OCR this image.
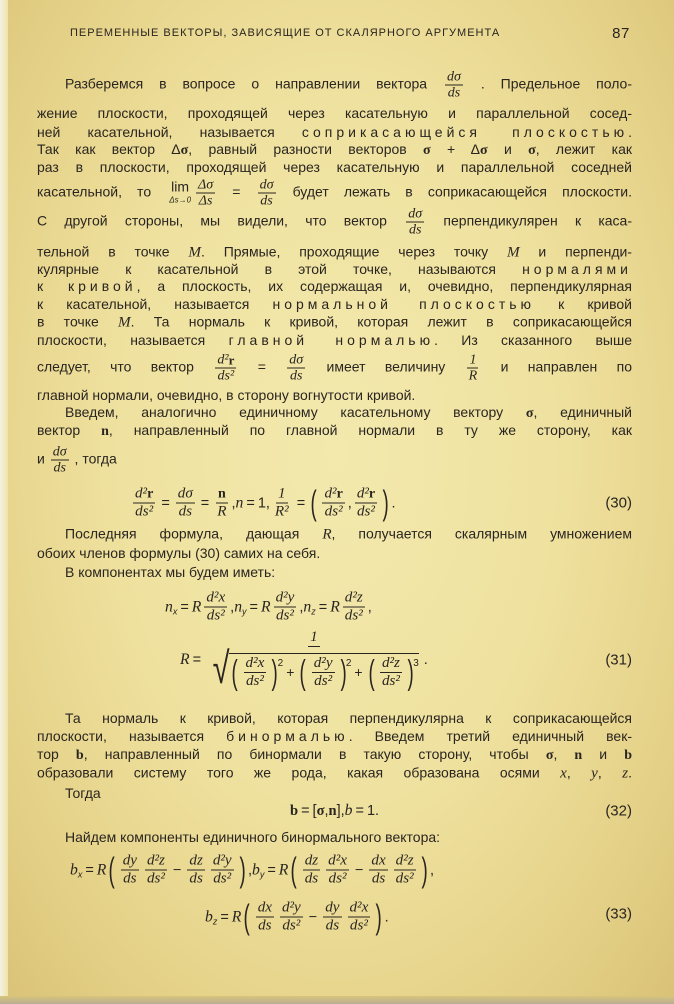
ПЕРЕМЕННЫЕ ВЕКТОРЫ, ЗАВИСЯЩИЕ ОТ СКАЛЯРНОГО АРГУМЕНТА	87
Разберемся в вопросе о направлении вектора $\frac{d\sigma}{ds}$ . Предельное поло-
жение плоскости, проходящей через касательную и параллельной сосед-
ней касательной, называется соприкасающейся плоскостью.
Так как вектор Δσ, равный разности векторов σ + Δσ и σ, лежит как
раз в плоскости, проходящей через касательную и параллельной соседней
касательной, то lim
$\Delta s\to 0 \frac{\Delta\sigma}{\Delta s} = \frac{d\sigma}{ds}$ будет лежать в соприкасающейся плоскости.
С другой стороны, мы видели, что вектор $\frac{d\sigma}{ds}$ перпендикулярен к каса-
тельной в точке M. Прямые, проходящие через точку M и перпенди-
кулярные к касательной в этой точке, называются нормалями
к кривой, а плоскость, их содержащая и, очевидно, перпендикулярная
к касательной, называется нормальной плоскостью к кривой
в точке M. Та нормаль к кривой, которая лежит в соприкасающейся
плоскости, называется главной нормалью. Из сказанного выше
следует, что вектор $\frac{\text{d² r}}{\text{ds²}} = \frac{d\sigma}{ds}$ имеет величину $\frac{1}{R}$ и направлен по
главной нормали, очевидно, в сторону вогнутости кривой.
Введем, аналогично единичному касательному вектору σ, единичный
вектор n, направленный по главной нормали в ту же сторону, как
и $\frac{d\sigma}{ds}$ , тогда
$\frac{\text{d² r}}{\text{ds²}} = \frac{d\sigma}{ds} = \frac{n}{R}$ , n = 1, $\frac{1}{\text{R²}}$ = ( $\frac{\text{d² r}}{\text{ds²}}$ , $\frac{\text{d² r}}{\text{ds²}}$ ) .	(30)
Последняя формула, дающая R, получается скалярным умножением
обоих членов формулы (30) самих на себя.
В компонентах мы будем иметь:
$n_x = R \frac{\text{d²x}}{\text{ds²}}$ , $n_y = R \frac{\text{d²y}}{\text{ds²}}$ , $n_z = R \frac{\text{d²z}}{\text{ds²}}$ ,
R = 1
√ ( $\frac{\text{d²x}}{\text{ds²}}$ ) 2
+ ( $\frac{\text{d²y}}{\text{ds²}}$ ) 2
+ ( $\frac{\text{d²z}}{\text{ds²}}$ ) 3 .	(31)
Та нормаль к кривой, которая перпендикулярна к соприкасающейся
плоскости, называется бинормалью. Введем третий единичный век-
тор b, направленный по бинормали в такую сторону, чтобы σ, n и b
образовали систему того же рода, какая образована осями x, y, z.
Тогда
b = [ σ , n ], b = 1.	(32)
Найдем компоненты единичного бинормального вектора:
$b_x = R$ ( $\frac{dy}{ds} \frac{\text{d²z}}{\text{ds²}} - \frac{dz}{ds} \frac{\text{d²y}}{\text{ds²}}$ ) , $b_y = R$ ( $\frac{dz}{ds} \frac{\text{d²x}}{\text{ds²}} - \frac{dx}{ds} \frac{\text{d²z}}{\text{ds²}}$ ) ,
$b_z = R$ ( $\frac{dx}{ds} \frac{\text{d²y}}{\text{ds²}} - \frac{dy}{ds} \frac{\text{d²x}}{\text{ds²}}$ ) .	(33)
